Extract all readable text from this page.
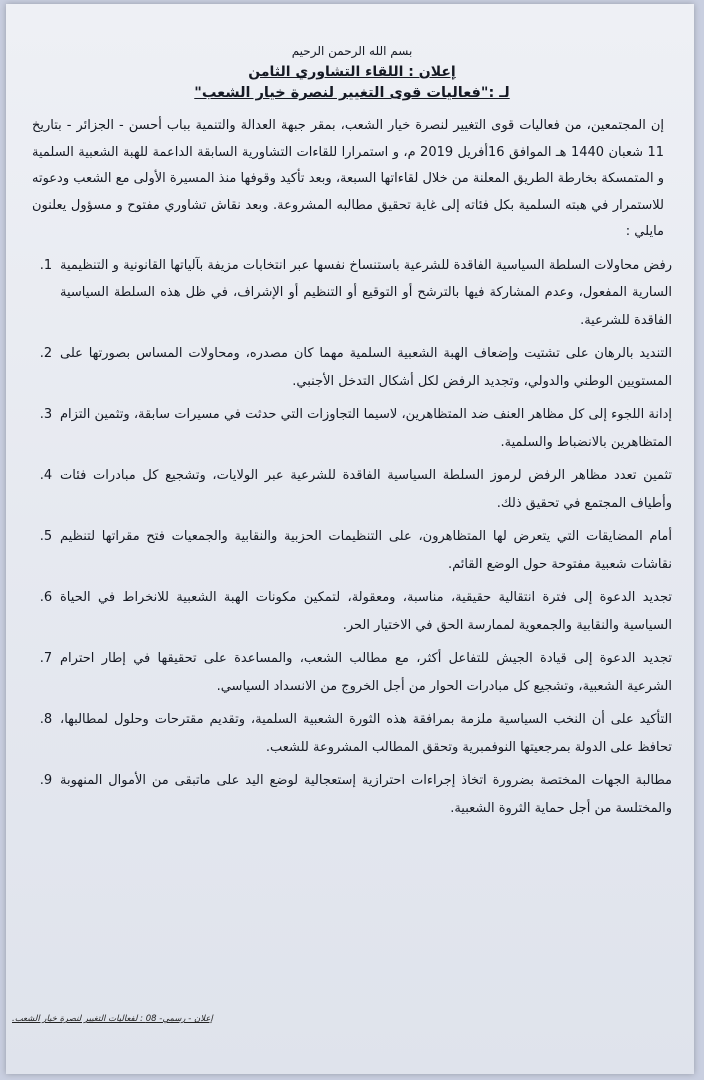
بسم الله الرحمن الرحيم
إعلان : اللقاء التشاوري الثامن
لـ :"فعاليات قوى التغيير لنصرة خيار الشعب"

إن المجتمعين، من فعاليات قوى التغيير لنصرة خيار الشعب، بمقر جبهة العدالة والتنمية بباب أحسن - الجزائر - بتاريخ 11 شعبان 1440 هـ الموافق 16أفريل 2019 م، و استمرارا للقاءات التشاورية السابقة الداعمة للهبة الشعبية السلمية و المتمسكة بخارطة الطريق المعلنة من خلال لقاءاتها السبعة، وبعد تأكيد وقوفها منذ المسيرة الأولى مع الشعب ودعوته للاستمرار في هبته السلمية بكل فئاته إلى غاية تحقيق مطالبه المشروعة. وبعد نقاش تشاوري مفتوح و مسؤول يعلنون مايلي :

رفض محاولات السلطة السياسية الفاقدة للشرعية باستنساخ نفسها عبر انتخابات مزيفة بآلياتها القانونية و التنظيمية السارية المفعول، وعدم المشاركة فيها بالترشح أو التوقيع أو التنظيم أو الإشراف، في ظل هذه السلطة السياسية الفاقدة للشرعية.
.1
التنديد بالرهان على تشتيت وإضعاف الهبة الشعبية السلمية مهما كان مصدره، ومحاولات المساس بصورتها على المستويين الوطني والدولي، وتجديد الرفض لكل أشكال التدخل الأجنبي.
.2
إدانة اللجوء إلى كل مظاهر العنف ضد المتظاهرين، لاسيما التجاوزات التي حدثت في مسيرات سابقة، وتثمين التزام المتظاهرين بالانضباط والسلمية.
.3
تثمين تعدد مظاهر الرفض لرموز السلطة السياسية الفاقدة للشرعية عبر الولايات، وتشجيع كل مبادرات فئات وأطياف المجتمع في تحقيق ذلك.
.4
أمام المضايقات التي يتعرض لها المتظاهرون، على التنظيمات الحزبية والنقابية والجمعيات فتح مقراتها لتنظيم نقاشات شعبية مفتوحة حول الوضع القائم.
.5
تجديد الدعوة إلى فترة انتقالية حقيقية، مناسبة، ومعقولة، لتمكين مكونات الهبة الشعبية للانخراط في الحياة السياسية والنقابية والجمعوية لممارسة الحق في الاختيار الحر.
.6
تجديد الدعوة إلى قيادة الجيش للتفاعل أكثر، مع مطالب الشعب، والمساعدة على تحقيقها في إطار احترام الشرعية الشعبية، وتشجيع كل مبادرات الحوار من أجل الخروج من الانسداد السياسي.
.7
التأكيد على أن النخب السياسية ملزمة بمرافقة هذه الثورة الشعبية السلمية، وتقديم مقترحات وحلول لمطالبها، تحافظ على الدولة بمرجعيتها النوفمبرية وتحقق المطالب المشروعة للشعب.
.8
مطالبة الجهات المختصة بضرورة اتخاذ إجراءات احترازية إستعجالية لوضع اليد على ماتبقى من الأموال المنهوبة والمختلسة من أجل حماية الثروة الشعبية.
.9
إعلان - رسمي- 08 : لفعاليات التغيير لنصرة خيار الشعب.
